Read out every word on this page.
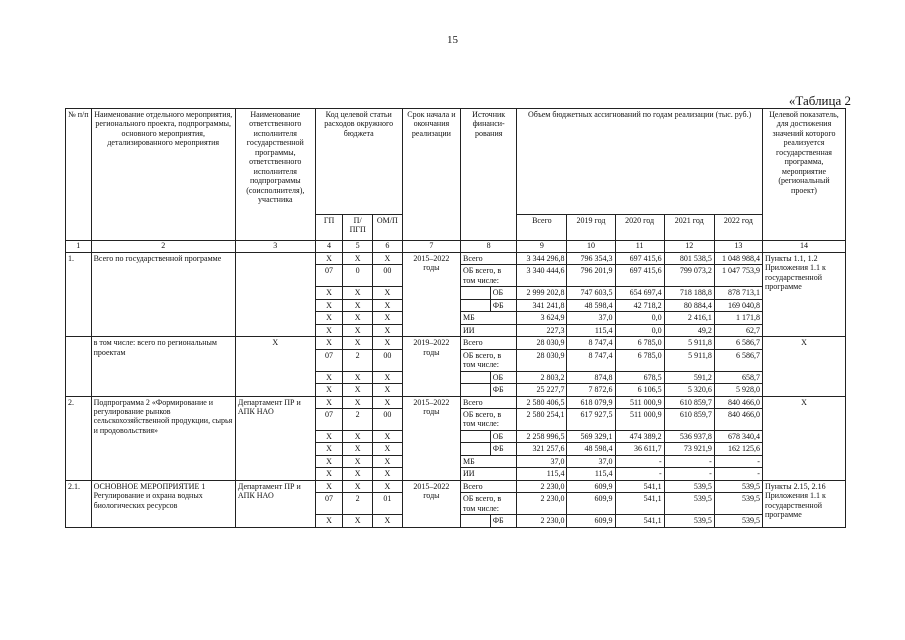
15
«Таблица 2
№ п/п	Наименование отдельного мероприятия, регионального проекта, подпрограммы, основного мероприятия, детализированного мероприятия	Наименование ответственного исполнителя государственной программы, ответственного исполнителя подпрограммы (соисполнителя), участника	Код целевой статьи расходов окружного бюджета			Срок начала и окончания реализации	Источник финанси-рования		Объем бюджетных ассигнований по годам реализации (тыс. руб.)					Целевой показатель, для достижения значений которого реализуется государственная программа, мероприятие (региональный проект)
			ГП	П/ ПГП	ОМ/П				Всего	2019 год	2020 год	2021 год	2022 год	
1	2	3	4	5	6	7	8		9	10	11	12	13	14
1.	Всего по государственной программе		Х	Х	Х	2015–2022 годы	Всего		3 344 296,8	796 354,3	697 415,6	801 538,5	1 048 988,4	Пункты 1.1, 1.2 Приложения 1.1 к государственной программе
			07	0	00		ОБ всего, в том числе:		3 340 444,6	796 201,9	697 415,6	799 073,2	1 047 753,9	
			Х	Х	Х			ОБ	2 999 202,8	747 603,5	654 697,4	718 188,8	878 713,1	
			Х	Х	Х			ФБ	341 241,8	48 598,4	42 718,2	80 884,4	169 040,8	
			Х	Х	Х		МБ		3 624,9	37,0	0,0	2 416,1	1 171,8	
			Х	Х	Х		ИИ		227,3	115,4	0,0	49,2	62,7	
	в том числе: всего по региональным проектам	Х	Х	Х	Х	2019–2022 годы	Всего		28 030,9	8 747,4	6 785,0	5 911,8	6 586,7	Х
			07	2	00		ОБ всего, в том числе:		28 030,9	8 747,4	6 785,0	5 911,8	6 586,7	
			Х	Х	Х			ОБ	2 803,2	874,8	678,5	591,2	658,7	
			Х	Х	Х			ФБ	25 227,7	7 872,6	6 106,5	5 320,6	5 928,0	
2.	Подпрограмма 2 «Формирование и регулирование рынков сельскохозяйственной продукции, сырья и продовольствия»	Департамент ПР и АПК НАО	Х	Х	Х	2015–2022 годы	Всего		2 580 406,5	618 079,9	511 000,9	610 859,7	840 466,0	Х
			07	2	00		ОБ всего, в том числе:		2 580 254,1	617 927,5	511 000,9	610 859,7	840 466,0	
			Х	Х	Х			ОБ	2 258 996,5	569 329,1	474 389,2	536 937,8	678 340,4	
			Х	Х	Х			ФБ	321 257,6	48 598,4	36 611,7	73 921,9	162 125,6	
			Х	Х	Х		МБ		37,0	37,0	-	-	-	
			Х	Х	Х		ИИ		115,4	115,4	-	-	-	
2.1.	ОСНОВНОЕ МЕРОПРИЯТИЕ 1 Регулирование и охрана водных биологических ресурсов	Департамент ПР и АПК НАО	Х	Х	Х	2015–2022 годы	Всего		2 230,0	609,9	541,1	539,5	539,5	Пункты 2.15, 2.16 Приложения 1.1 к государственной программе
			07	2	01		ОБ всего, в том числе:		2 230,0	609,9	541,1	539,5	539,5	
			Х	Х	Х			ФБ	2 230,0	609,9	541,1	539,5	539,5	
